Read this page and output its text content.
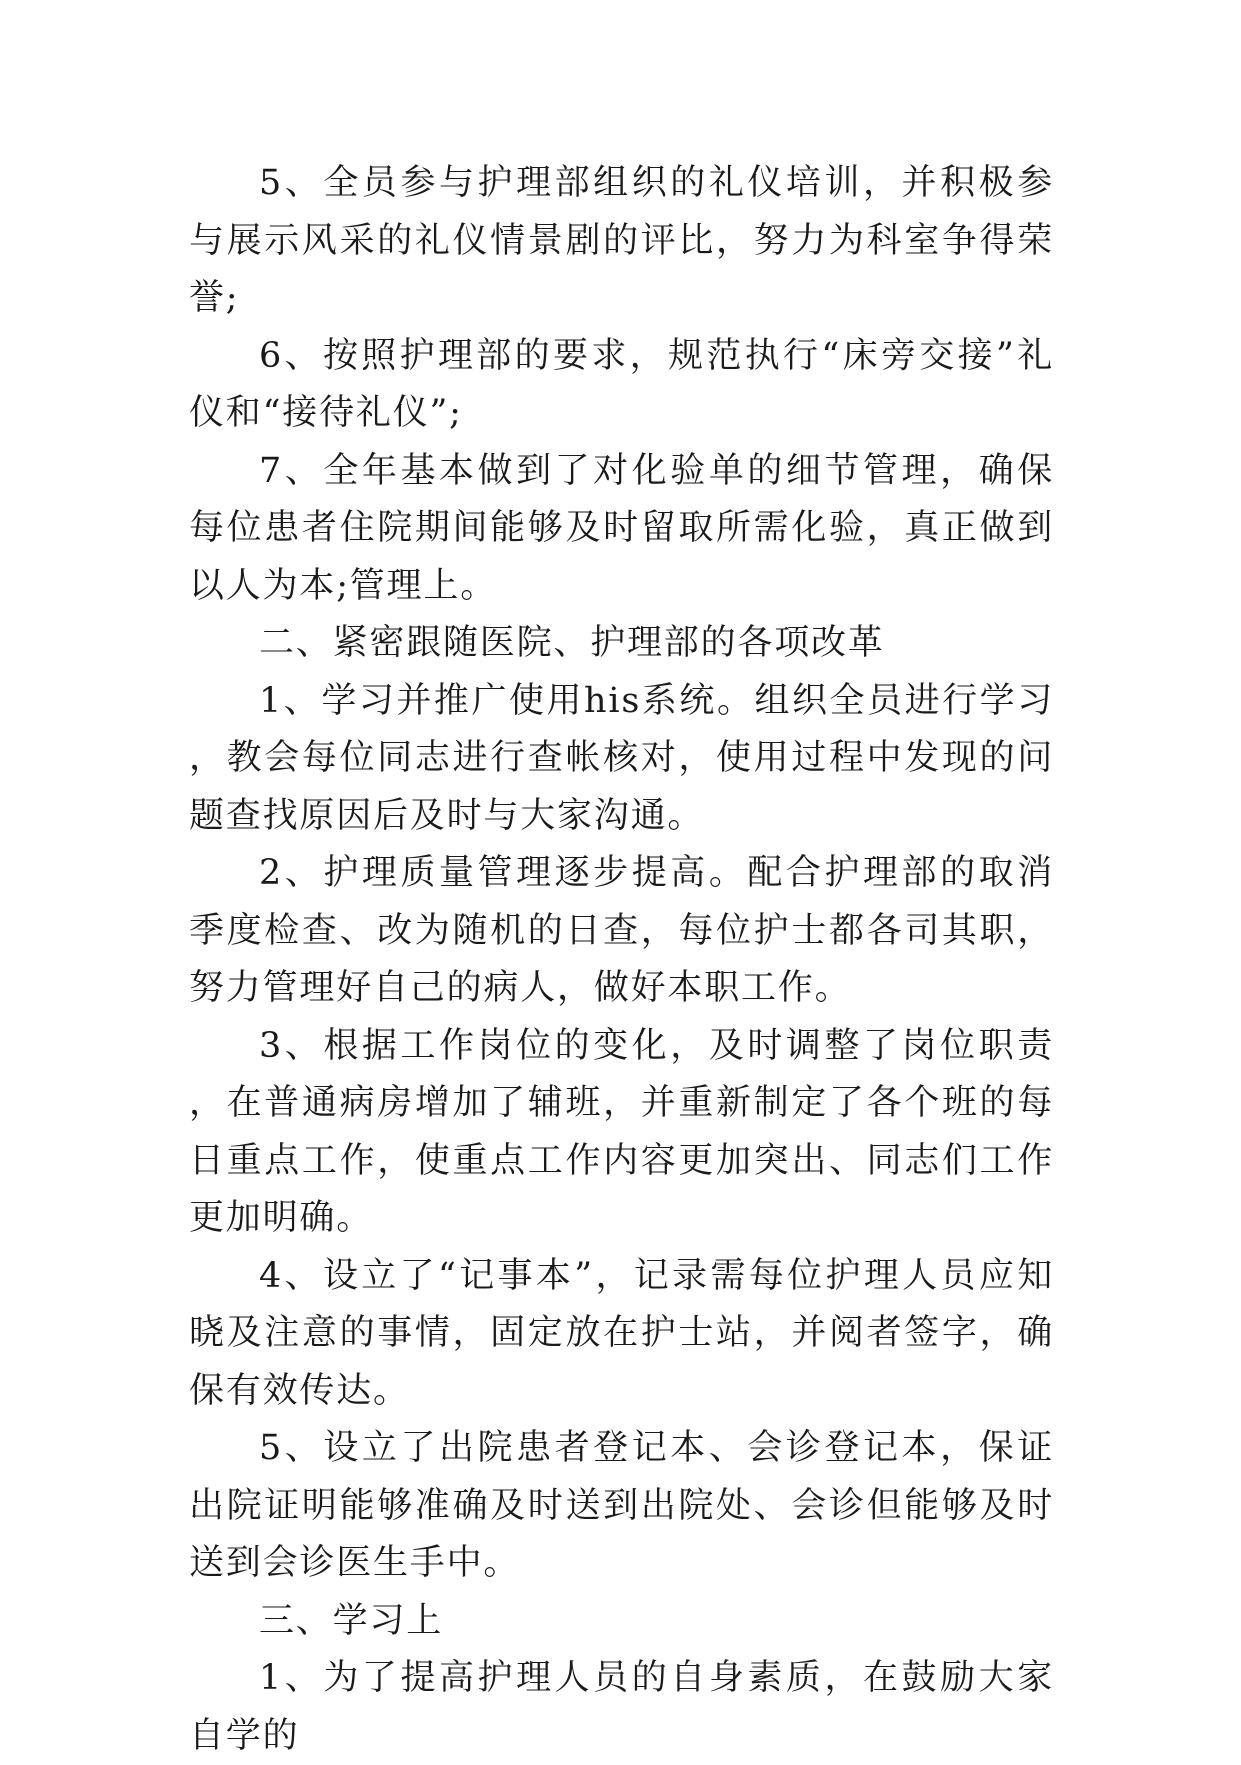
5、全员参与护理部组织的礼仪培训，并积极参与展示风采的礼仪情景剧的评比，努力为科室争得荣誉;

6、按照护理部的要求，规范执行“床旁交接”礼仪和“接待礼仪”;

7、全年基本做到了对化验单的细节管理，确保每位患者住院期间能够及时留取所需化验，真正做到以人为本;管理上。

二、紧密跟随医院、护理部的各项改革

1、学习并推广使用his系统。组织全员进行学习，教会每位同志进行查帐核对，使用过程中发现的问题查找原因后及时与大家沟通。

2、护理质量管理逐步提高。配合护理部的取消季度检查、改为随机的日查，每位护士都各司其职，努力管理好自己的病人，做好本职工作。

3、根据工作岗位的变化，及时调整了岗位职责，在普通病房增加了辅班，并重新制定了各个班的每日重点工作，使重点工作内容更加突出、同志们工作更加明确。

4、设立了“记事本”，记录需每位护理人员应知晓及注意的事情，固定放在护士站，并阅者签字，确保有效传达。

5、设立了出院患者登记本、会诊登记本，保证出院证明能够准确及时送到出院处、会诊但能够及时送到会诊医生手中。

三、学习上

1、为了提高护理人员的自身素质，在鼓励大家自学的
